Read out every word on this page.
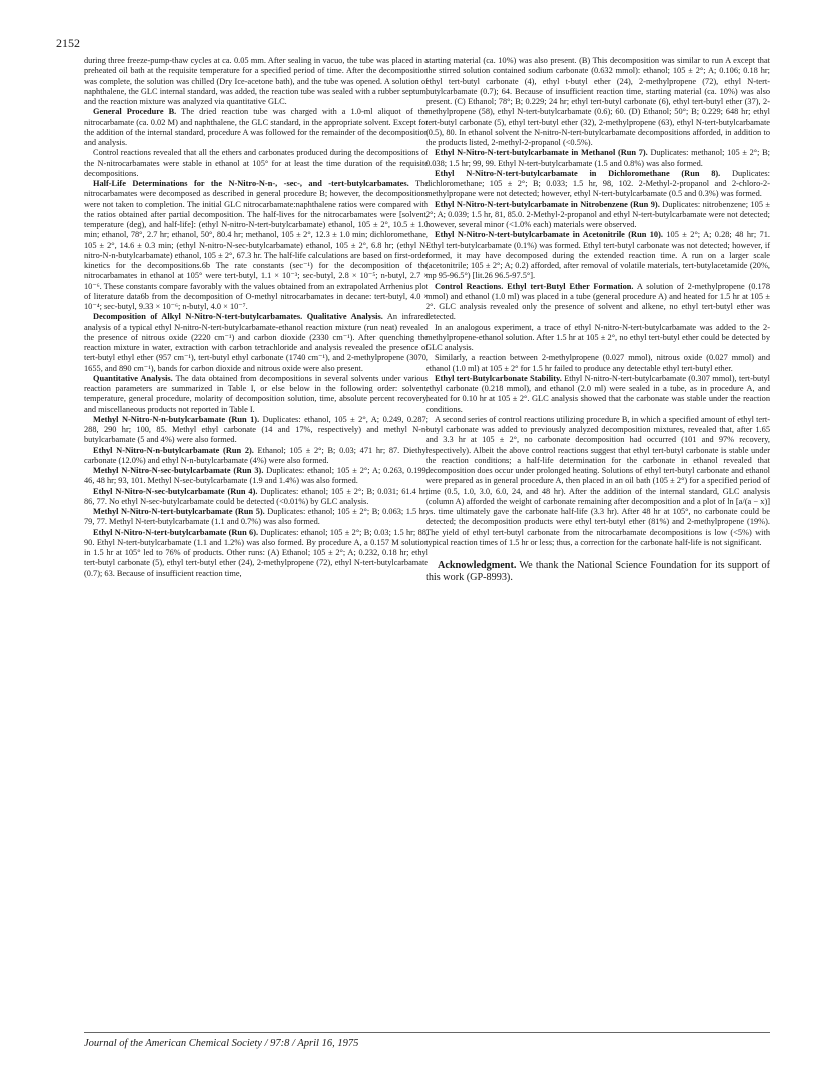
2152

during three freeze-pump-thaw cycles at ca. 0.05 mm. After sealing in vacuo, the tube was placed in a preheated oil bath at the requisite temperature for a specified period of time. After the decomposition was complete, the solution was chilled (Dry Ice-acetone bath), and the tube was opened. A solution of naphthalene, the GLC internal standard, was added, the reaction tube was sealed with a rubber septum, and the reaction mixture was analyzed via quantitative GLC.

General Procedure B. The dried reaction tube was charged with a 1.0-ml aliquot of the nitrocarbamate (ca. 0.02 M) and naphthalene, the GLC standard, in the appropriate solvent. Except for the addition of the internal standard, procedure A was followed for the remainder of the decomposition and analysis.

Control reactions revealed that all the ethers and carbonates produced during the decompositions of the N-nitrocarbamates were stable in ethanol at 105° for at least the time duration of the requisite decompositions.

Half-Life Determinations for the N-Nitro-N-n-, -sec-, and -tert-butylcarbamates. The nitrocarbamates were decomposed as described in general procedure B; however, the decompositions were not taken to completion. The initial GLC nitrocarbamate:naphthalene ratios were compared with the ratios obtained after partial decomposition. The half-lives for the nitrocarbamates were [solvent, temperature (deg), and half-life]: (ethyl N-nitro-N-tert-butylcarbamate) ethanol, 105 ± 2°, 10.5 ± 1.0 min; ethanol, 78°, 2.7 hr; ethanol, 50°, 80.4 hr; methanol, 105 ± 2°, 12.3 ± 1.0 min; dichloromethane, 105 ± 2°, 14.6 ± 0.3 min; (ethyl N-nitro-N-sec-butylcarbamate) ethanol, 105 ± 2°, 6.8 hr; (ethyl N-nitro-N-n-butylcarbamate) ethanol, 105 ± 2°, 67.3 hr. The half-life calculations are based on first-order kinetics for the decompositions.6b The rate constants (sec⁻¹) for the decomposition of the nitrocarbamates in ethanol at 105° were tert-butyl, 1.1 × 10⁻³; sec-butyl, 2.8 × 10⁻⁵; n-butyl, 2.7 × 10⁻⁶. These constants compare favorably with the values obtained from an extrapolated Arrhenius plot of literature data6b from the decomposition of O-methyl nitrocarbamates in decane: tert-butyl, 4.0 × 10⁻⁴; sec-butyl, 9.33 × 10⁻⁶; n-butyl, 4.0 × 10⁻⁷.

Decomposition of Alkyl N-Nitro-N-tert-butylcarbamates. Qualitative Analysis. An infrared analysis of a typical ethyl N-nitro-N-tert-butylcarbamate-ethanol reaction mixture (run neat) revealed the presence of nitrous oxide (2220 cm⁻¹) and carbon dioxide (2330 cm⁻¹). After quenching the reaction mixture in water, extraction with carbon tetrachloride and analysis revealed the presence of tert-butyl ethyl ether (957 cm⁻¹), tert-butyl ethyl carbonate (1740 cm⁻¹), and 2-methylpropene (3070, 1655, and 890 cm⁻¹), bands for carbon dioxide and nitrous oxide were also present.

Quantitative Analysis. The data obtained from decompositions in several solvents under various reaction parameters are summarized in Table I, or else below in the following order: solvent, temperature, general procedure, molarity of decomposition solution, time, absolute percent recovery, and miscellaneous products not reported in Table I.

Methyl N-Nitro-N-n-butylcarbamate (Run 1). Duplicates: ethanol, 105 ± 2°, A; 0.249, 0.287; 288, 290 hr; 100, 85. Methyl ethyl carbonate (14 and 17%, respectively) and methyl N-n-butylcarbamate (5 and 4%) were also formed.

Ethyl N-Nitro-N-n-butylcarbamate (Run 2). Ethanol; 105 ± 2°; B; 0.03; 471 hr; 87. Diethyl carbonate (12.0%) and ethyl N-n-butylcarbamate (4%) were also formed.

Methyl N-Nitro-N-sec-butylcarbamate (Run 3). Duplicates: ethanol; 105 ± 2°; A; 0.263, 0.199; 46, 48 hr; 93, 101. Methyl N-sec-butylcarbamate (1.9 and 1.4%) was also formed.

Ethyl N-Nitro-N-sec-butylcarbamate (Run 4). Duplicates: ethanol; 105 ± 2°; B; 0.031; 61.4 hr; 86, 77. No ethyl N-sec-butylcarbamate could be detected (<0.01%) by GLC analysis.

Methyl N-Nitro-N-tert-butylcarbamate (Run 5). Duplicates: ethanol; 105 ± 2°; B; 0.063; 1.5 hr; 79, 77. Methyl N-tert-butylcarbamate (1.1 and 0.7%) was also formed.

Ethyl N-Nitro-N-tert-butylcarbamate (Run 6). Duplicates: ethanol; 105 ± 2°; B; 0.03; 1.5 hr; 88, 90. Ethyl N-tert-butylcarbamate (1.1 and 1.2%) was also formed. By procedure A, a 0.157 M solution in 1.5 hr at 105° led to 76% of products. Other runs: (A) Ethanol; 105 ± 2°; A; 0.232, 0.18 hr; ethyl tert-butyl carbonate (5), ethyl tert-butyl ether (24), 2-methylpropene (72), ethyl N-tert-butylcarbamate (0.7); 63. Because of insufficient reaction time,

starting material (ca. 10%) was also present. (B) This decomposition was similar to run A except that the stirred solution contained sodium carbonate (0.632 mmol): ethanol; 105 ± 2°; A; 0.106; 0.18 hr; ethyl tert-butyl carbonate (4), ethyl t-butyl ether (24), 2-methylpropene (72), ethyl N-tert-butylcarbamate (0.7); 64. Because of insufficient reaction time, starting material (ca. 10%) was also present. (C) Ethanol; 78°; B; 0.229; 24 hr; ethyl tert-butyl carbonate (6), ethyl tert-butyl ether (37), 2-methylpropene (58), ethyl N-tert-butylcarbamate (0.6); 60. (D) Ethanol; 50°; B; 0.229; 648 hr; ethyl tert-butyl carbonate (5), ethyl tert-butyl ether (32), 2-methylpropene (63), ethyl N-tert-butylcarbamate (0.5), 80. In ethanol solvent the N-nitro-N-tert-butylcarbamate decompositions afforded, in addition to the products listed, 2-methyl-2-propanol (<0.5%).

Ethyl N-Nitro-N-tert-butylcarbamate in Methanol (Run 7). Duplicates: methanol; 105 ± 2°; B; 0.038; 1.5 hr; 99, 99. Ethyl N-tert-butylcarbamate (1.5 and 0.8%) was also formed.

Ethyl N-Nitro-N-tert-butylcarbamate in Dichloromethane (Run 8). Duplicates: dichloromethane; 105 ± 2°; B; 0.033; 1.5 hr, 98, 102. 2-Methyl-2-propanol and 2-chloro-2-methylpropane were not detected; however, ethyl N-tert-butylcarbamate (0.5 and 0.3%) was formed.

Ethyl N-Nitro-N-tert-butylcarbamate in Nitrobenzene (Run 9). Duplicates: nitrobenzene; 105 ± 2°; A; 0.039; 1.5 hr, 81, 85.0. 2-Methyl-2-propanol and ethyl N-tert-butylcarbamate were not detected; however, several minor (<1.0% each) materials were observed.

Ethyl N-Nitro-N-tert-butylcarbamate in Acetonitrile (Run 10). 105 ± 2°; A; 0.28; 48 hr; 71. Ethyl tert-butylcarbamate (0.1%) was formed. Ethyl tert-butyl carbonate was not detected; however, if formed, it may have decomposed during the extended reaction time. A run on a larger scale (acetonitrile; 105 ± 2°; A; 0.2) afforded, after removal of volatile materials, tert-butylacetamide (20%, mp 95-96.5°) [lit.26 96.5-97.5°].

Control Reactions. Ethyl tert-Butyl Ether Formation. A solution of 2-methylpropene (0.178 mmol) and ethanol (1.0 ml) was placed in a tube (general procedure A) and heated for 1.5 hr at 105 ± 2°. GLC analysis revealed only the presence of solvent and alkene, no ethyl tert-butyl ether was detected.

In an analogous experiment, a trace of ethyl N-nitro-N-tert-butylcarbamate was added to the 2-methylpropene-ethanol solution. After 1.5 hr at 105 ± 2°, no ethyl tert-butyl ether could be detected by GLC analysis.

Similarly, a reaction between 2-methylpropene (0.027 mmol), nitrous oxide (0.027 mmol) and ethanol (1.0 ml) at 105 ± 2° for 1.5 hr failed to produce any detectable ethyl tert-butyl ether.

Ethyl tert-Butylcarbonate Stability. Ethyl N-nitro-N-tert-butylcarbamate (0.307 mmol), tert-butyl ethyl carbonate (0.218 mmol), and ethanol (2.0 ml) were sealed in a tube, as in procedure A, and heated for 0.10 hr at 105 ± 2°. GLC analysis showed that the carbonate was stable under the reaction conditions.

A second series of control reactions utilizing procedure B, in which a specified amount of ethyl tert-butyl carbonate was added to previously analyzed decomposition mixtures, revealed that, after 1.65 and 3.3 hr at 105 ± 2°, no carbonate decomposition had occurred (101 and 97% recovery, respectively). Albeit the above control reactions suggest that ethyl tert-butyl carbonate is stable under the reaction conditions; a half-life determination for the carbonate in ethanol revealed that decomposition does occur under prolonged heating. Solutions of ethyl tert-butyl carbonate and ethanol were prepared as in general procedure A, then placed in an oil bath (105 ± 2°) for a specified period of time (0.5, 1.0, 3.0, 6.0, 24, and 48 hr). After the addition of the internal standard, GLC analysis (column A) afforded the weight of carbonate remaining after decomposition and a plot of ln [a/(a − x)] vs. time ultimately gave the carbonate half-life (3.3 hr). After 48 hr at 105°, no carbonate could be detected; the decomposition products were ethyl tert-butyl ether (81%) and 2-methylpropene (19%). The yield of ethyl tert-butyl carbonate from the nitrocarbamate decompositions is low (<5%) with typical reaction times of 1.5 hr or less; thus, a correction for the carbonate half-life is not significant.

Acknowledgment. We thank the National Science Foundation for its support of this work (GP-8993).

Journal of the American Chemical Society / 97:8 / April 16, 1975
